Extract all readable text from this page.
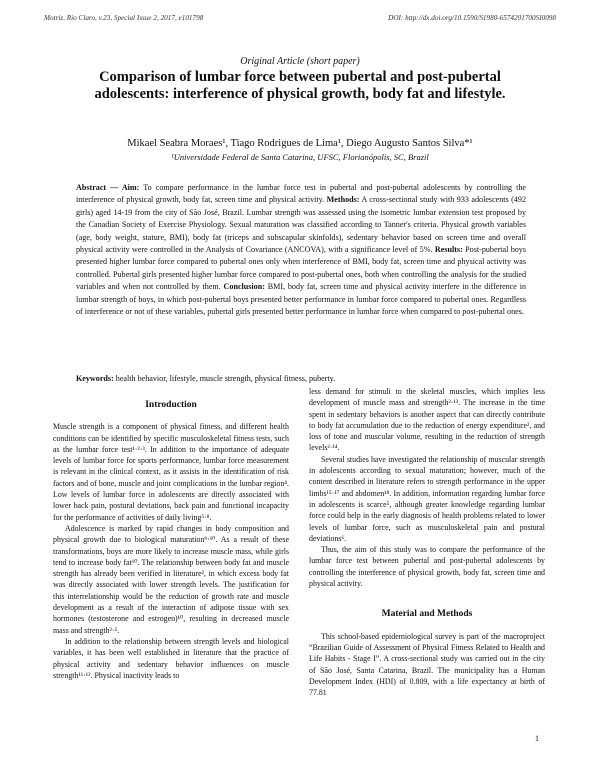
Motriz, Rio Claro, v.23, Special Issue 2, 2017, e101798	DOI: http://dx.doi.org/10.1590/S1980-6574201700SI0098
Original Article (short paper)
Comparison of lumbar force between pubertal and post-pubertal adolescents: interference of physical growth, body fat and lifestyle.
Mikael Seabra Moraes¹, Tiago Rodrigues de Lima¹, Diego Augusto Santos Silva*¹
¹Universidade Federal de Santa Catarina, UFSC, Florianópolis, SC, Brazil
Abstract — Aim: To compare performance in the lumbar force test in pubertal and post-pubertal adolescents by controlling the interference of physical growth, body fat, screen time and physical activity. Methods: A cross-sectional study with 933 adolescents (492 girls) aged 14-19 from the city of São José, Brazil. Lumbar strength was assessed using the isometric lumbar extension test proposed by the Canadian Society of Exercise Physiology. Sexual maturation was classified according to Tanner's criteria. Physical growth variables (age, body weight, stature, BMI), body fat (triceps and subscapular skinfolds), sedentary behavior based on screen time and overall physical activity were controlled in the Analysis of Covariance (ANCOVA), with a significance level of 5%. Results: Post-pubertal boys presented higher lumbar force compared to pubertal ones only when interference of BMI, body fat, screen time and physical activity was controlled. Pubertal girls presented higher lumbar force compared to post-pubertal ones, both when controlling the analysis for the studied variables and when not controlled by them. Conclusion: BMI, body fat, screen time and physical activity interfere in the difference in lumbar strength of boys, in which post-pubertal boys presented better performance in lumbar force compared to pubertal ones. Regardless of interference or not of these variables, pubertal girls presented better performance in lumbar force when compared to post-pubertal ones.
Keywords: health behavior, lifestyle, muscle strength, physical fitness, puberty.
Introduction

Muscle strength is a component of physical fitness, and different health conditions can be identified by specific musculoskeletal fitness tests, such as the lumbar force test¹·²·³. In addition to the importance of adequate levels of lumbar force for sports performance, lumbar force measurement is relevant in the clinical context, as it assists in the identification of risk factors and of bone, muscle and joint complications in the lumbar region⁴. Low levels of lumbar force in adolescents are directly associated with lower back pain, postural deviations, back pain and functional incapacity for the performance of activities of daily living⁵·⁸.

Adolescence is marked by rapid changes in body composition and physical growth due to biological maturation⁹·¹⁰. As a result of these transformations, boys are more likely to increase muscle mass, while girls tend to increase body fat¹⁰. The relationship between body fat and muscle strength has already been verified in literature², in which excess body fat was directly associated with lower strength levels. The justification for this interrelationship would be the reduction of growth rate and muscle development as a result of the interaction of adipose tissue with sex hormones (testosterone and estrogen)¹⁰, resulting in decreased muscle mass and strength²·⁵.

In addition to the relationship between strength levels and biological variables, it has been well established in literature that the practice of physical activity and sedentary behavior influences on muscle strength¹¹·¹². Physical inactivity leads to

less demand for stimuli to the skeletal muscles, which implies less development of muscle mass and strength²·¹³. The increase in the time spent in sedentary behaviors is another aspect that can directly contribute to body fat accumulation due to the reduction of energy expenditure², and loss of tone and muscular volume, resulting in the reduction of strength levels²·¹⁴.

Several studies have investigated the relationship of muscular strength in adolescents according to sexual maturation; however, much of the content described in literature refers to strength performance in the upper limbs¹⁵·¹⁷ and abdomen¹⁸. In addition, information regarding lumbar force in adolescents is scarce⁵, although greater knowledge regarding lumbar force could help in the early diagnosis of health problems related to lower levels of lumbar force, such as musculoskeletal pain and postural deviations⁶.

Thus, the aim of this study was to compare the performance of the lumbar force test between pubertal and post-pubertal adolescents by controlling the interference of physical growth, body fat, screen time and physical activity.

Material and Methods

This school-based epidemiological survey is part of the macroproject “Brazilian Guide of Assessment of Physical Fitness Related to Health and Life Habits - Stage I”. A cross-sectional study was carried out in the city of São José, Santa Catarina, Brazil. The municipality has a Human Development Index (HDI) of 0.809, with a life expectancy at birth of 77.81

1
